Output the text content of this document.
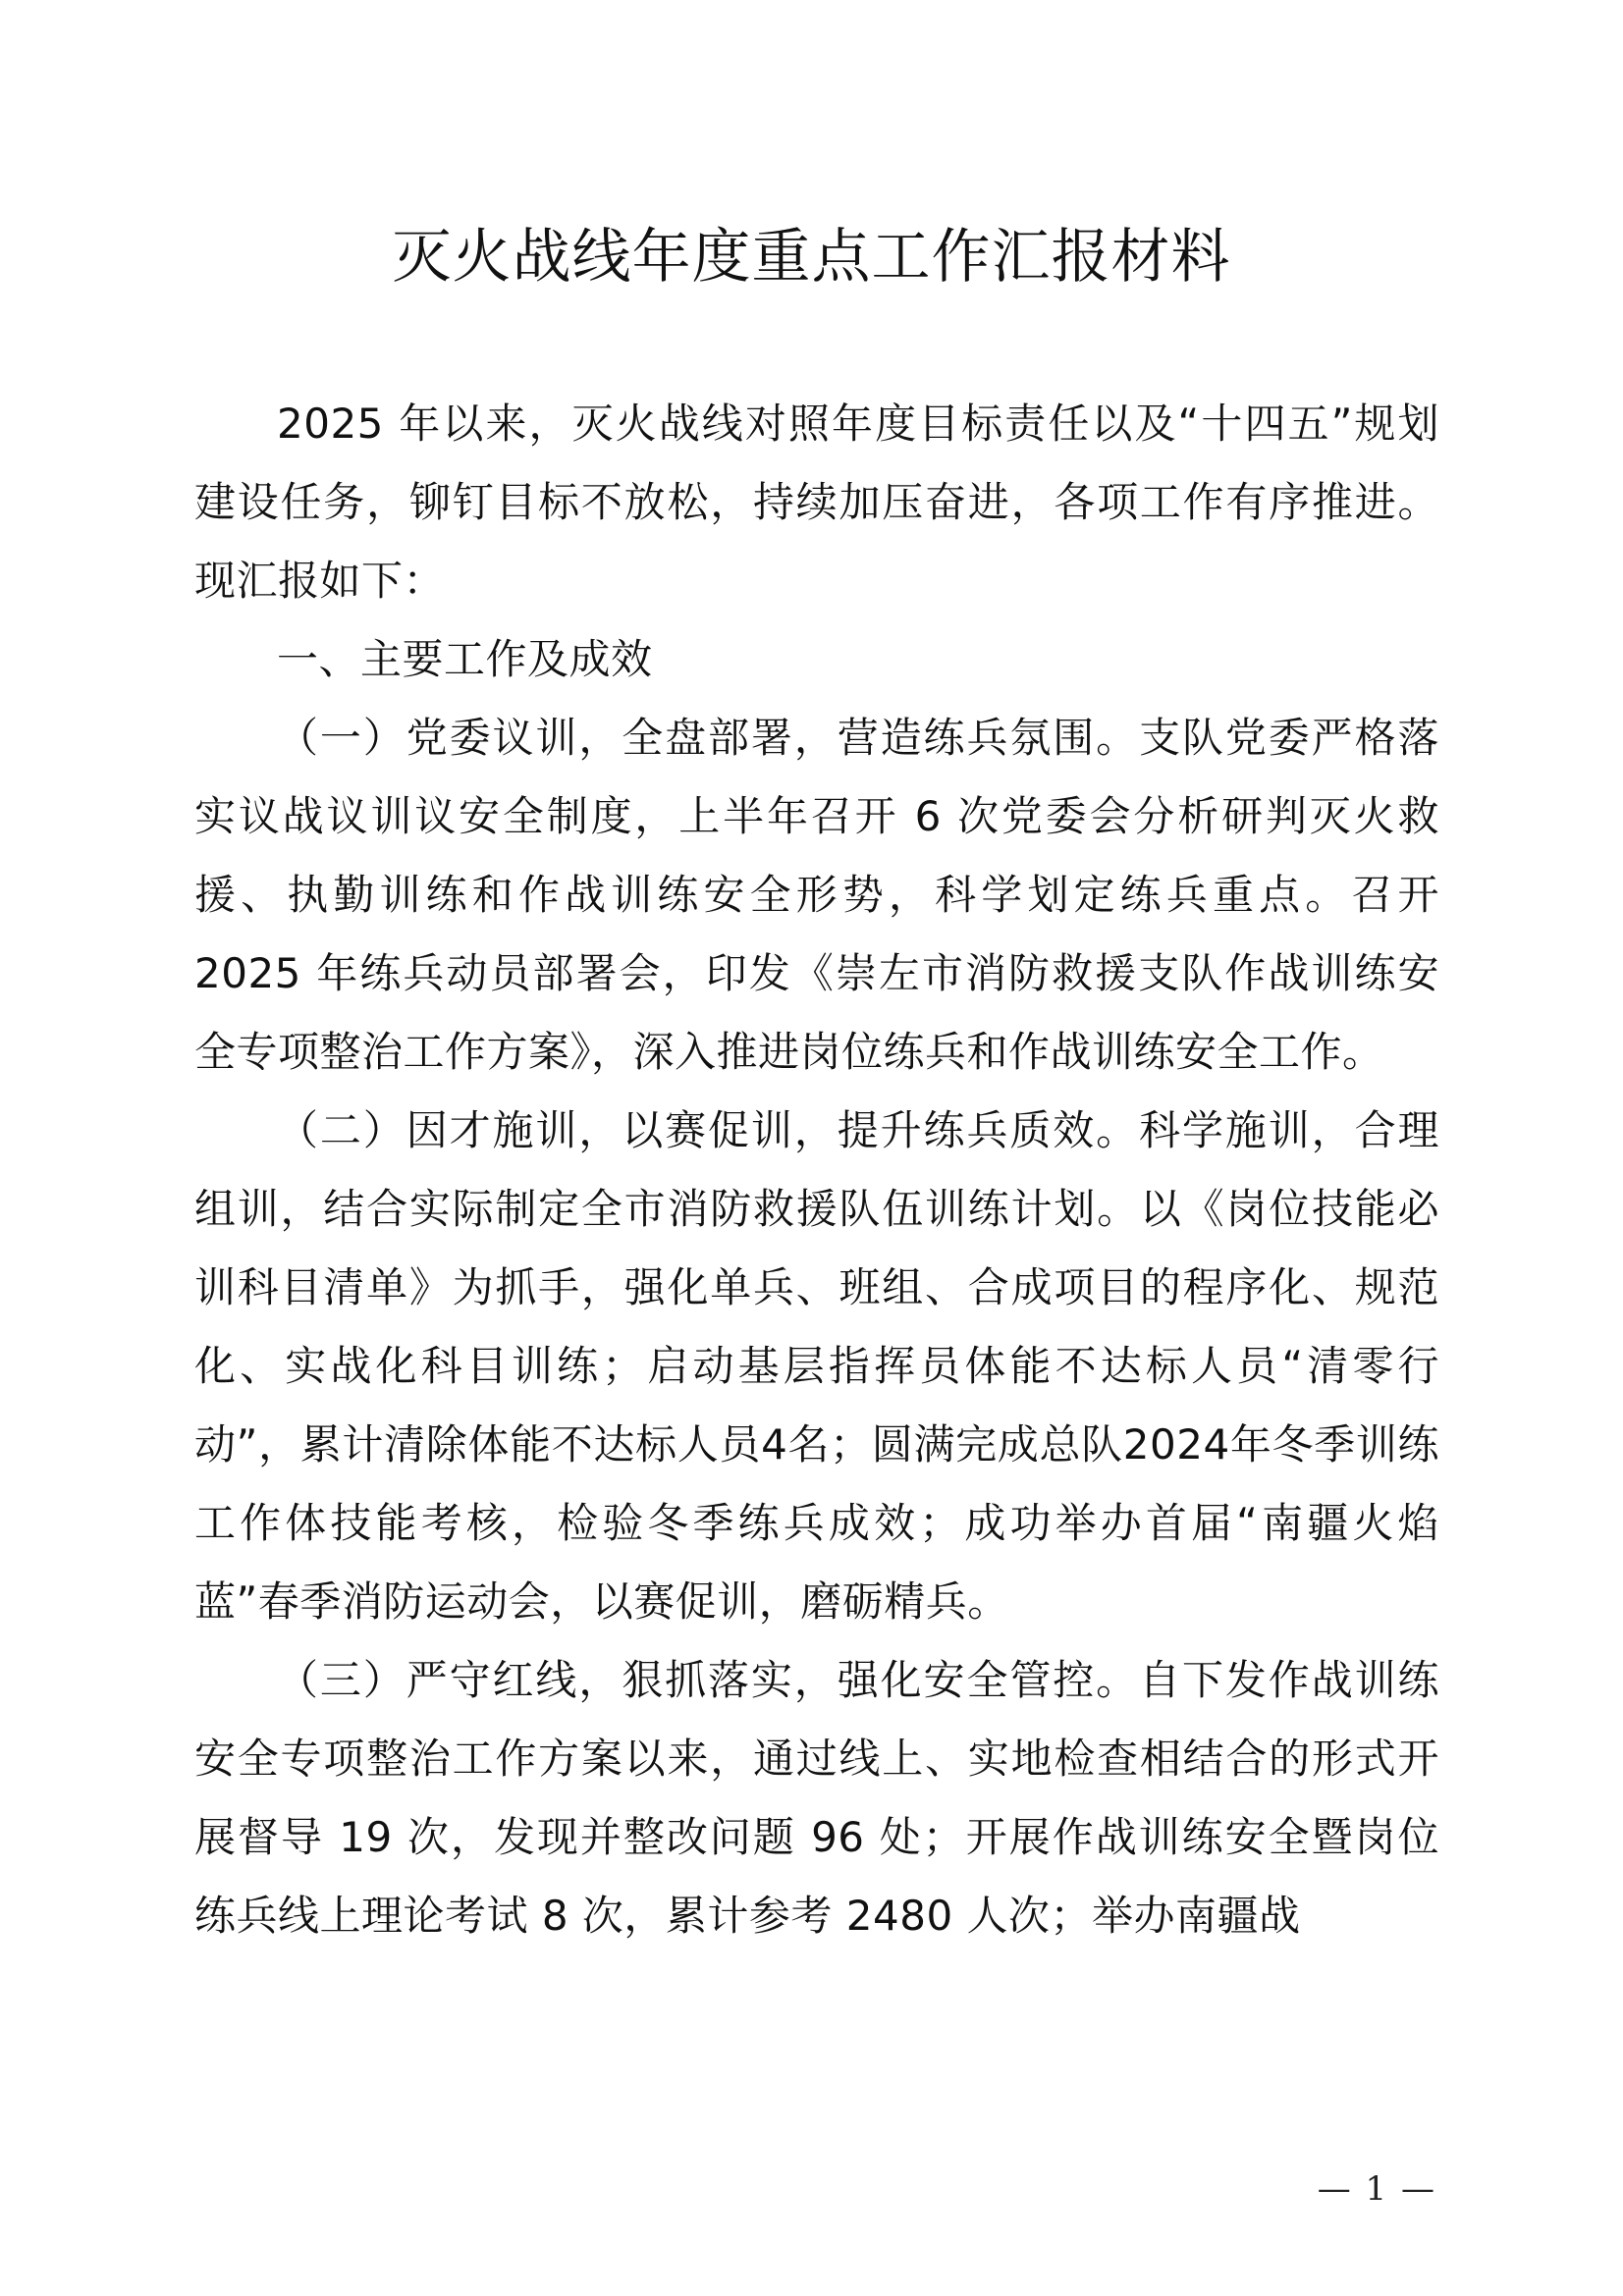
灭火战线年度重点工作汇报材料

2025 年以来，灭火战线对照年度目标责任以及“十四五”规划建设任务，铆钉目标不放松，持续加压奋进，各项工作有序推进。现汇报如下：

一、主要工作及成效

（一）党委议训，全盘部署，营造练兵氛围。支队党委严格落实议战议训议安全制度，上半年召开 6 次党委会分析研判灭火救援、执勤训练和作战训练安全形势，科学划定练兵重点。召开 2025 年练兵动员部署会，印发《崇左市消防救援支队作战训练安全专项整治工作方案》，深入推进岗位练兵和作战训练安全工作。

（二）因才施训，以赛促训，提升练兵质效。科学施训，合理组训，结合实际制定全市消防救援队伍训练计划。以《岗位技能必训科目清单》为抓手，强化单兵、班组、合成项目的程序化、规范化、实战化科目训练；启动基层指挥员体能不达标人员“清零行动”，累计清除体能不达标人员4名；圆满完成总队2024年冬季训练工作体技能考核，检验冬季练兵成效；成功举办首届“南疆火焰蓝”春季消防运动会，以赛促训，磨砺精兵。

（三）严守红线，狠抓落实，强化安全管控。自下发作战训练安全专项整治工作方案以来，通过线上、实地检查相结合的形式开展督导 19 次，发现并整改问题 96 处；开展作战训练安全暨岗位练兵线上理论考试 8 次，累计参考 2480 人次；举办南疆战

— 1 —
